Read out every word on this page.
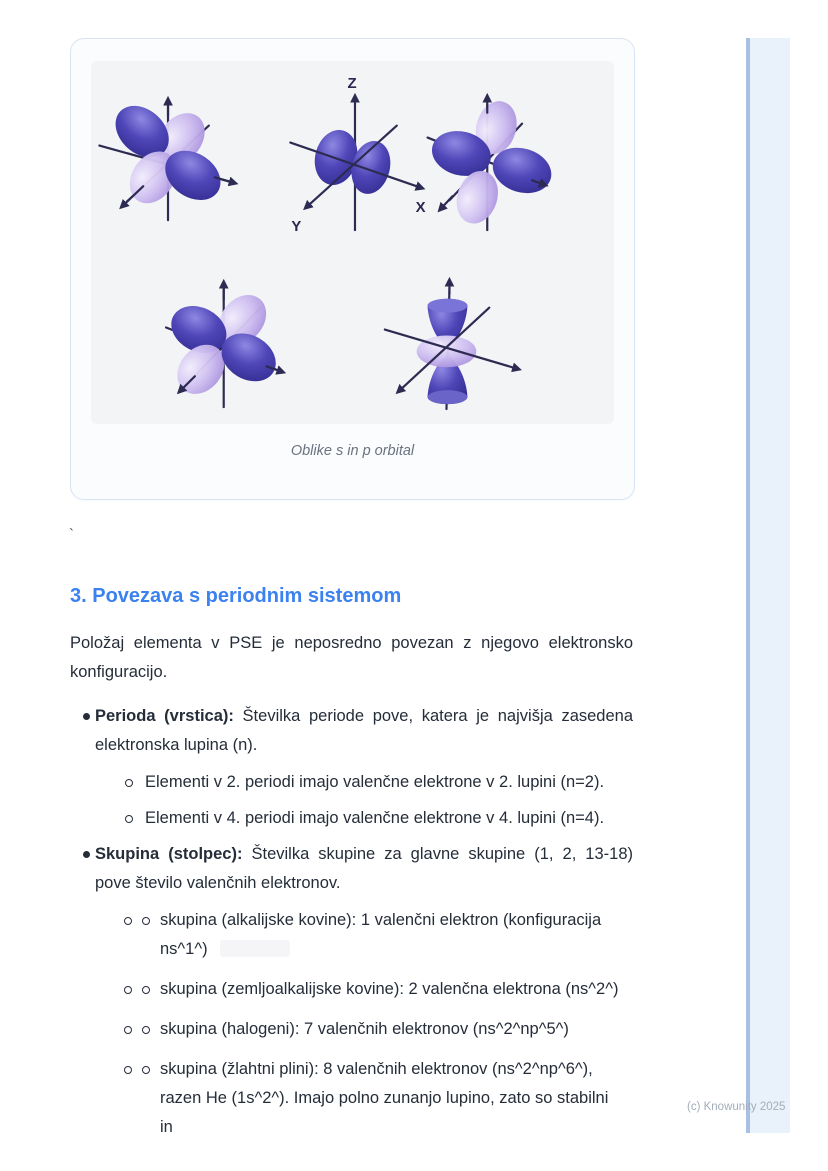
Z
X
Y
Oblike s in p orbital
`
3. Povezava s periodnim sistemom

Položaj elementa v PSE je neposredno povezan z njegovo elektronsko konfiguracijo.

Perioda (vrstica): Številka periode pove, katera je najvišja zasedena elektronska lupina (n).
Elementi v 2. periodi imajo valenčne elektrone v 2. lupini (n=2).
Elementi v 4. periodi imajo valenčne elektrone v 4. lupini (n=4).
Skupina (stolpec): Številka skupine za glavne skupine (1, 2, 13-18) pove število valenčnih elektronov.
skupina (alkalijske kovine): 1 valenčni elektron (konfiguracija ns^1^)
skupina (zemljoalkalijske kovine): 2 valenčna elektrona (ns^2^)
skupina (halogeni): 7 valenčnih elektronov (ns^2^np^5^)
skupina (žlahtni plini): 8 valenčnih elektronov (ns^2^np^6^), razen He (1s^2^). Imajo polno zunanjo lupino, zato so stabilni in
(c) Knowunity 2025
